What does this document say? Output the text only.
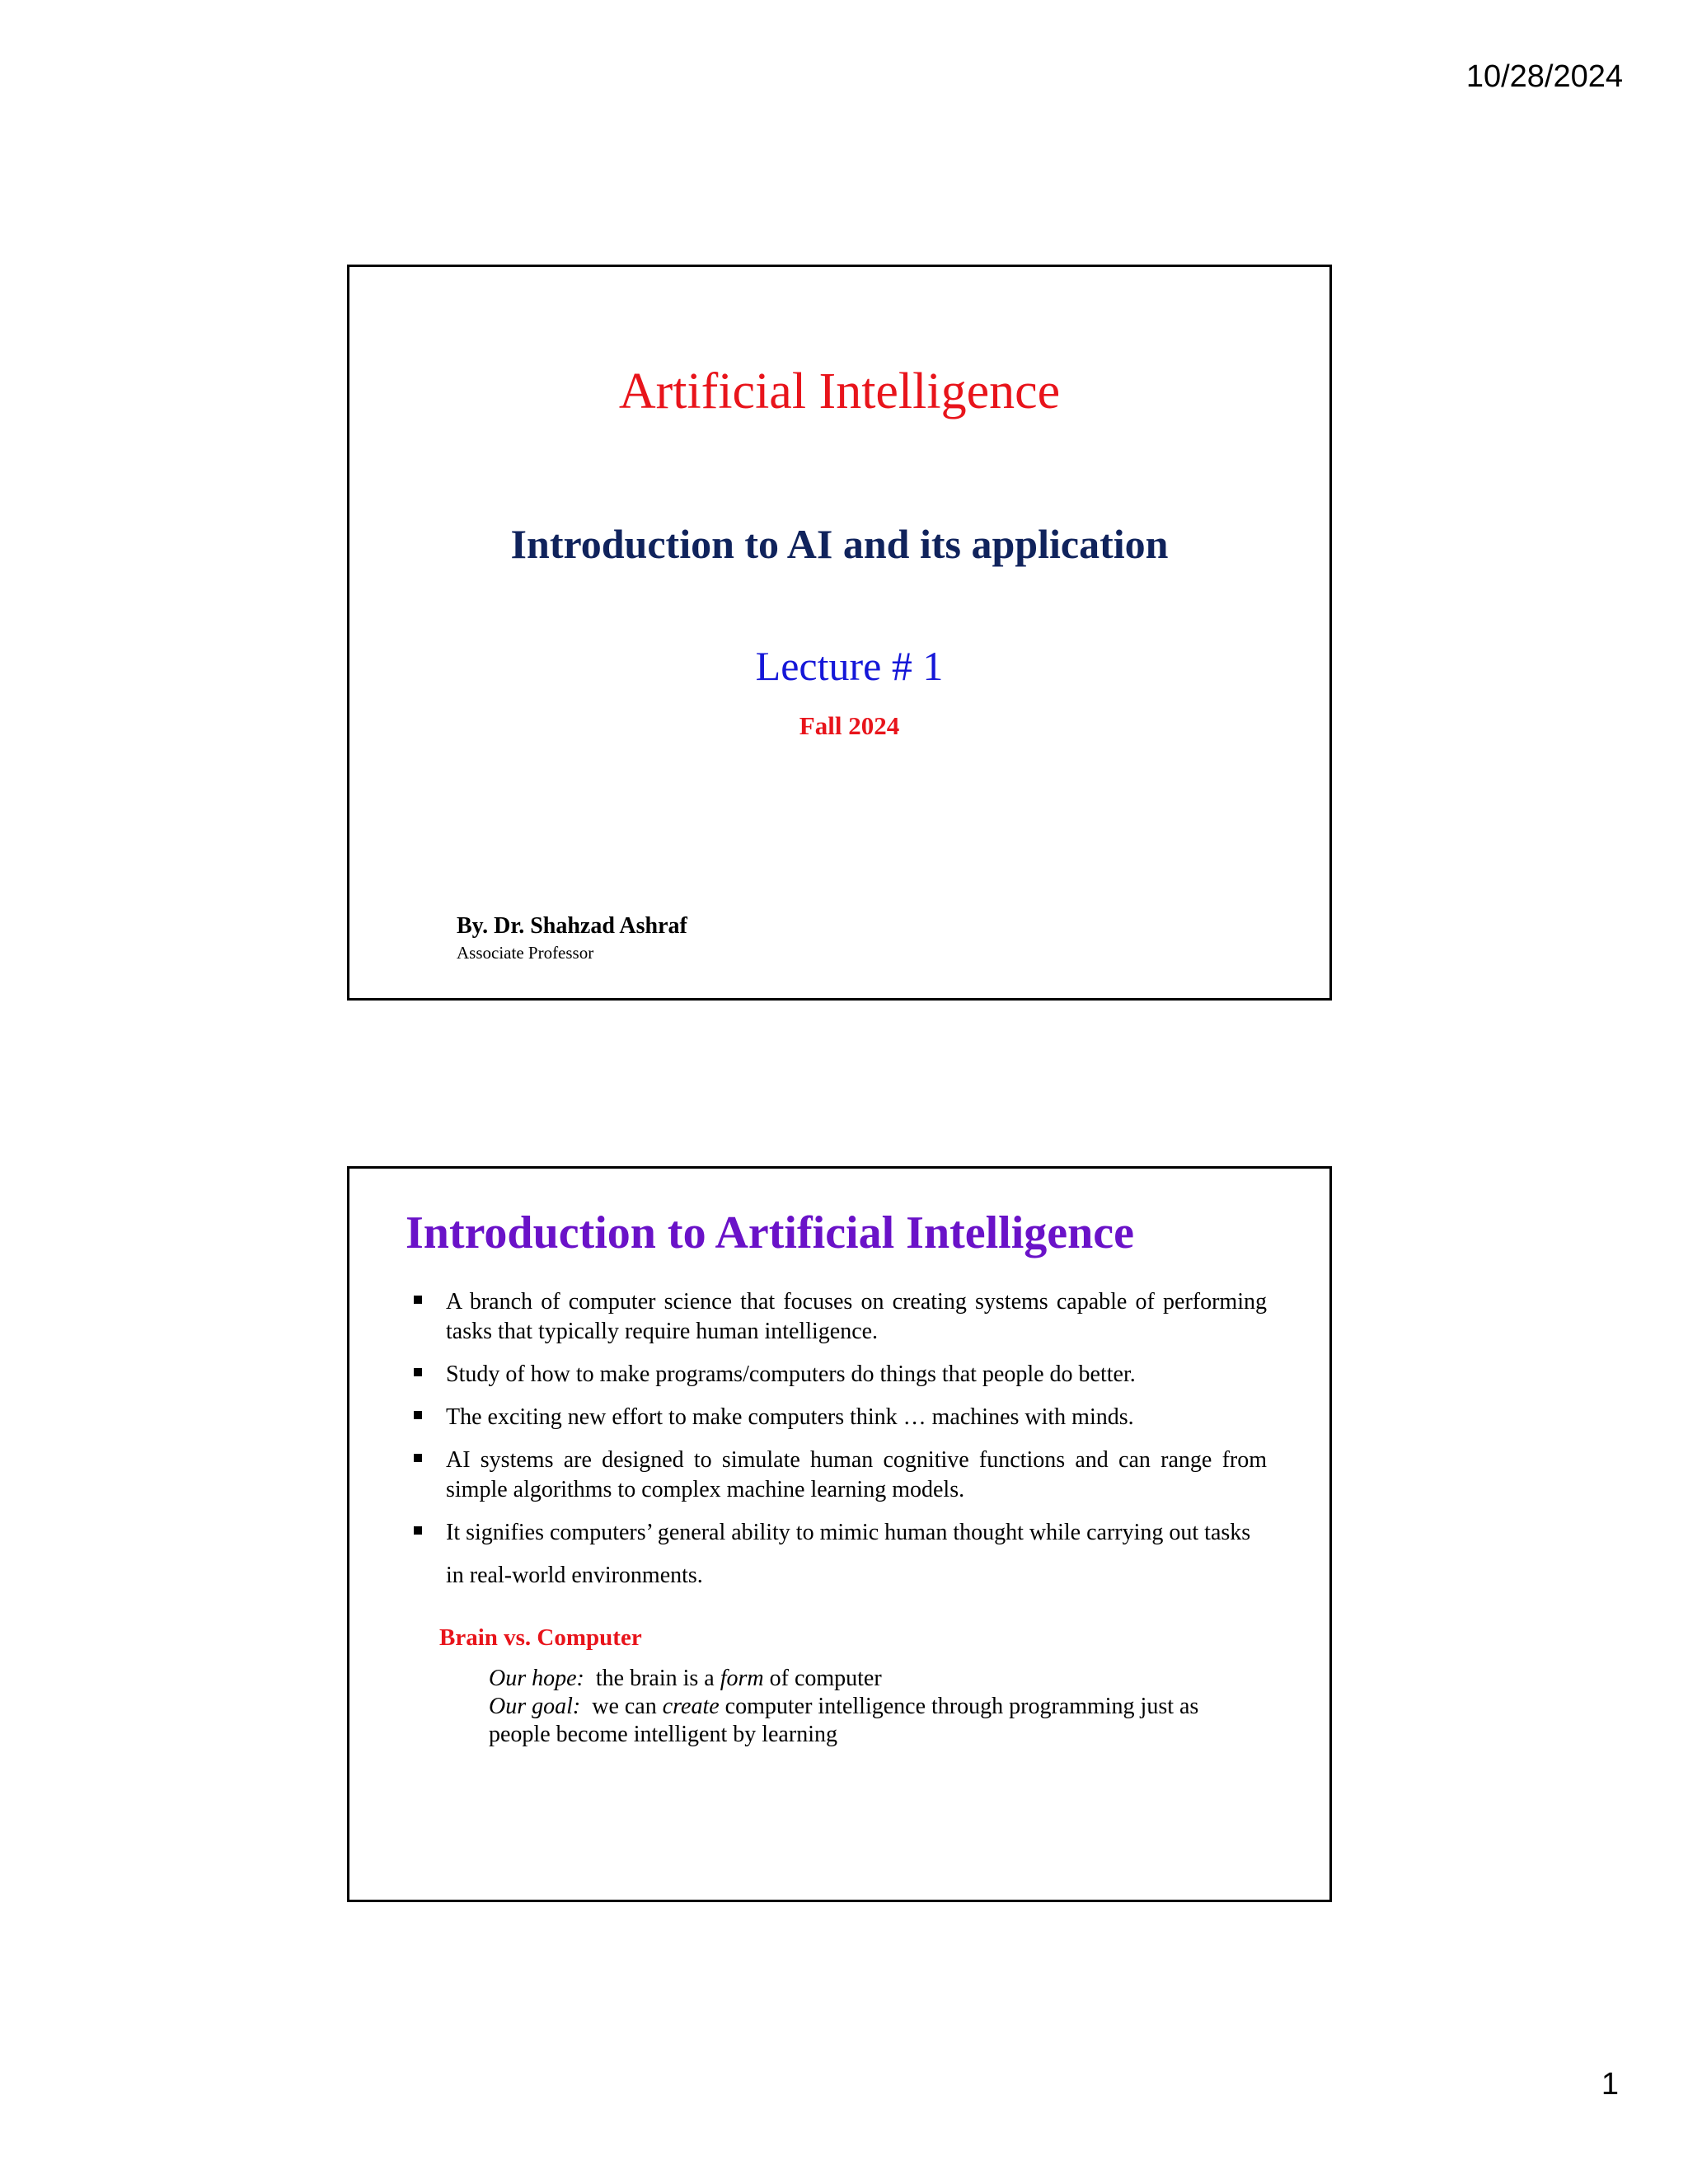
10/28/2024
Artificial Intelligence
Introduction to AI and its application
Lecture # 1
Fall 2024
By. Dr. Shahzad Ashraf
Associate Professor
Introduction to Artificial Intelligence
A branch of computer science that focuses on creating systems capable of performing tasks that typically require human intelligence.
Study of how to make programs/computers do things that people do better.
The exciting new effort to make computers think … machines with minds.
AI systems are designed to simulate human cognitive functions and can range from simple algorithms to complex machine learning models.
It signifies computers’ general ability to mimic human thought while carrying out tasks in real-world environments.
Brain vs. Computer
Our hope: the brain is a form of computer
Our goal: we can create computer intelligence through programming just as people become intelligent by learning
1
